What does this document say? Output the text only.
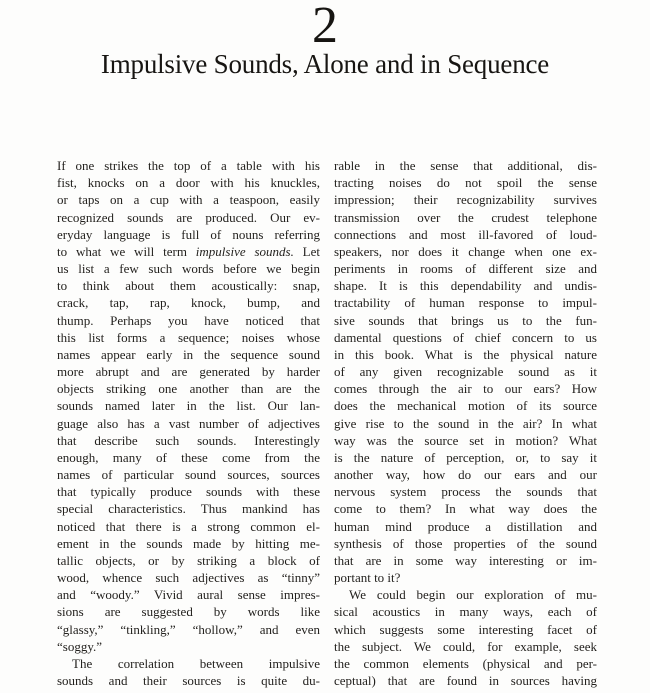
2
Impulsive Sounds, Alone and in Sequence
If one strikes the top of a table with his
fist, knocks on a door with his knuckles,
or taps on a cup with a teaspoon, easily
recognized sounds are produced. Our ev-
eryday language is full of nouns referring
to what we will term impulsive sounds. Let
us list a few such words before we begin
to think about them acoustically: snap,
crack, tap, rap, knock, bump, and
thump. Perhaps you have noticed that
this list forms a sequence; noises whose
names appear early in the sequence sound
more abrupt and are generated by harder
objects striking one another than are the
sounds named later in the list. Our lan-
guage also has a vast number of adjectives
that describe such sounds. Interestingly
enough, many of these come from the
names of particular sound sources, sources
that typically produce sounds with these
special characteristics. Thus mankind has
noticed that there is a strong common el-
ement in the sounds made by hitting me-
tallic objects, or by striking a block of
wood, whence such adjectives as “tinny”
and “woody.” Vivid aural sense impres-
sions are suggested by words like
“glassy,” “tinkling,” “hollow,” and even
“soggy.”
The correlation between impulsive
sounds and their sources is quite du-
rable in the sense that additional, dis-
tracting noises do not spoil the sense
impression; their recognizability survives
transmission over the crudest telephone
connections and most ill-favored of loud-
speakers, nor does it change when one ex-
periments in rooms of different size and
shape. It is this dependability and undis-
tractability of human response to impul-
sive sounds that brings us to the fun-
damental questions of chief concern to us
in this book. What is the physical nature
of any given recognizable sound as it
comes through the air to our ears? How
does the mechanical motion of its source
give rise to the sound in the air? In what
way was the source set in motion? What
is the nature of perception, or, to say it
another way, how do our ears and our
nervous system process the sounds that
come to them? In what way does the
human mind produce a distillation and
synthesis of those properties of the sound
that are in some way interesting or im-
portant to it?
We could begin our exploration of mu-
sical acoustics in many ways, each of
which suggests some interesting facet of
the subject. We could, for example, seek
the common elements (physical and per-
ceptual) that are found in sources having
